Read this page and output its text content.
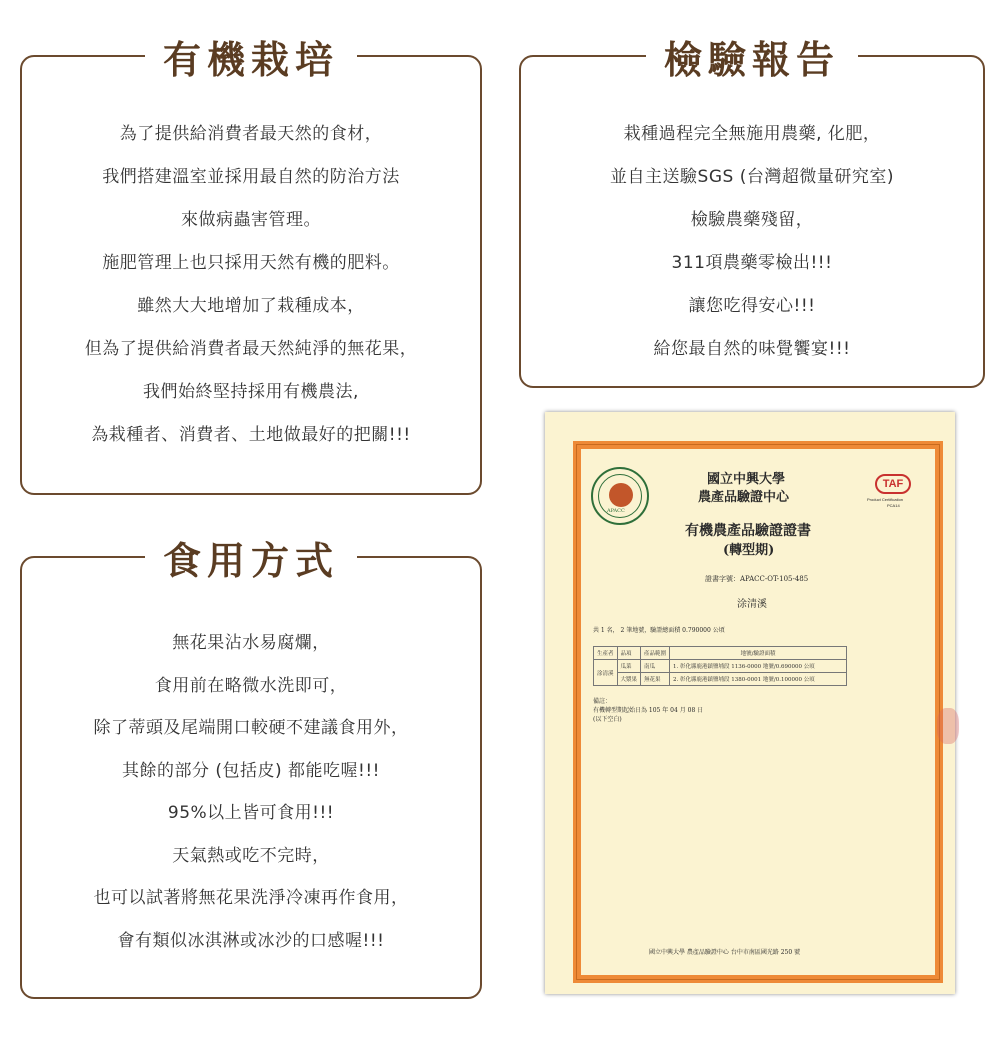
有機栽培
為了提供給消費者最天然的食材，
我們搭建溫室並採用最自然的防治方法
來做病蟲害管理。
施肥管理上也只採用天然有機的肥料。
雖然大大地增加了栽種成本，
但為了提供給消費者最天然純淨的無花果，
我們始終堅持採用有機農法,
為栽種者、消費者、土地做最好的把關!!!
檢驗報告
栽種過程完全無施用農藥, 化肥，
並自主送驗SGS (台灣超微量研究室)
檢驗農藥殘留，
311項農藥零檢出!!!
讓您吃得安心!!!
給您最自然的味覺饗宴!!!
食用方式
無花果沾水易腐爛，
食用前在略微水洗即可，
除了蒂頭及尾端開口較硬不建議食用外，
其餘的部分 (包括皮) 都能吃喔!!!
95%以上皆可食用!!!
天氣熱或吃不完時，
也可以試著將無花果洗淨冷凍再作食用，
會有類似冰淇淋或冰沙的口感喔!!!
APACC
TAF
Product Certification
PCA14
國立中興大學
農產品驗證中心
有機農產品驗證證書
(轉型期)
證書字號：APACC-OT-105-485
涂清溪
共 1 名， 2 筆地號，驗證總面積 0.790000 公頃
生產者	品項	產品範圍	地號/驗證面積
涂清溪	瓜菜	南瓜	1. 彰化縣鹿港鎮鹽埔段 1136-0000 地號/0.690000 公頃
	大漿果	無花果	2. 彰化縣鹿港鎮鹽埔段 1380-0001 地號/0.100000 公頃
備註：
有機轉型期起始日為 105 年 04 月 08 日
(以下空白)
國立中興大學 農產品驗證中心 台中市南區國光路 250 號
